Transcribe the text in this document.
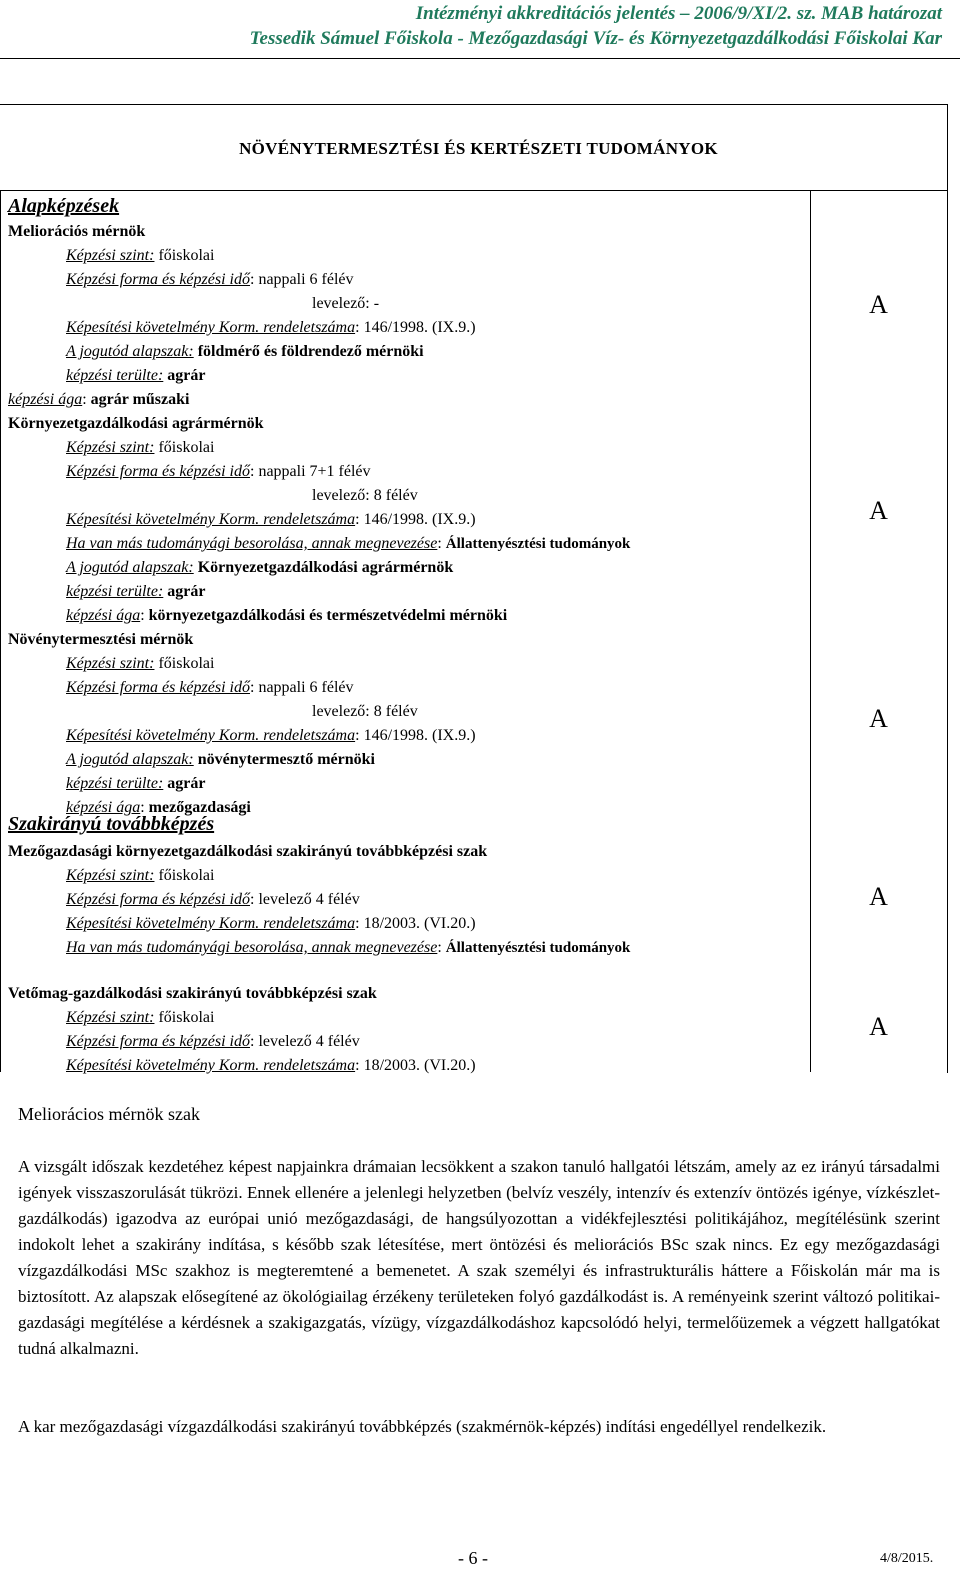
Intézményi akkreditációs jelentés – 2006/9/XI/2. sz. MAB határozat
Tessedik Sámuel Főiskola - Mezőgazdasági Víz- és Környezetgazdálkodási Főiskolai Kar
NÖVÉNYTERMESZTÉSI ÉS KERTÉSZETI TUDOMÁNYOK
Alapképzések
Meliorációs mérnök
Képzési szint: főiskolai
Képzési forma és képzési idő: nappali 6 félév
levelező: -
Képesítési követelmény Korm. rendeletszáma: 146/1998. (IX.9.)
A jogutód alapszak: földmérő és földrendező mérnöki
képzési terülte: agrár
képzési ága: agrár műszaki
A
Környezetgazdálkodási agrármérnök
Képzési szint: főiskolai
Képzési forma és képzési idő: nappali 7+1 félév
levelező: 8 félév
Képesítési követelmény Korm. rendeletszáma: 146/1998. (IX.9.)
Ha van más tudományági besorolása, annak megnevezése: Állattenyésztési tudományok
A jogutód alapszak: Környezetgazdálkodási agrármérnök
képzési terülte: agrár
képzési ága: környezetgazdálkodási és természetvédelmi mérnöki
A
Növénytermesztési mérnök
Képzési szint: főiskolai
Képzési forma és képzési idő: nappali 6 félév
levelező: 8 félév
Képesítési követelmény Korm. rendeletszáma: 146/1998. (IX.9.)
A jogutód alapszak: növénytermesztő mérnöki
képzési terülte: agrár
képzési ága: mezőgazdasági
A
Szakirányú továbbképzés
Mezőgazdasági környezetgazdálkodási szakirányú továbbképzési szak
Képzési szint: főiskolai
Képzési forma és képzési idő: levelező 4 félév
Képesítési követelmény Korm. rendeletszáma: 18/2003. (VI.20.)
Ha van más tudományági besorolása, annak megnevezése: Állattenyésztési tudományok
A
Vetőmag-gazdálkodási szakirányú továbbképzési szak
Képzési szint: főiskolai
Képzési forma és képzési idő: levelező 4 félév
Képesítési követelmény Korm. rendeletszáma: 18/2003. (VI.20.)
A
Meliorácios mérnök szak
A vizsgált időszak kezdetéhez képest napjainkra drámaian lecsökkent a szakon tanuló hallgatói létszám, amely az ez irányú társadalmi igények visszaszorulását tükrözi. Ennek ellenére a jelenlegi helyzetben (belvíz veszély, intenzív és extenzív öntözés igénye, vízkészlet-gazdálkodás) igazodva az európai unió mezőgazdasági, de hangsúlyozottan a vidékfejlesztési politikájához, megítélésünk szerint indokolt lehet a szakirány indítása, s később szak létesítése, mert öntözési és meliorációs BSc szak nincs. Ez egy mezőgazdasági vízgazdálkodási MSc szakhoz is megteremtené a bemenetet. A szak személyi és infrastrukturális háttere a Főiskolán már ma is biztosított. Az alapszak elősegítené az ökológiailag érzékeny területeken folyó gazdálkodást is. A reményeink szerint változó politikai-gazdasági megítélése a kérdésnek a szakigazgatás, vízügy, vízgazdálkodáshoz kapcsolódó helyi, termelőüzemek a végzett hallgatókat tudná alkalmazni.
A kar mezőgazdasági vízgazdálkodási szakirányú továbbképzés (szakmérnök-képzés) indítási engedéllyel rendelkezik.
- 6 -	4/8/2015.
